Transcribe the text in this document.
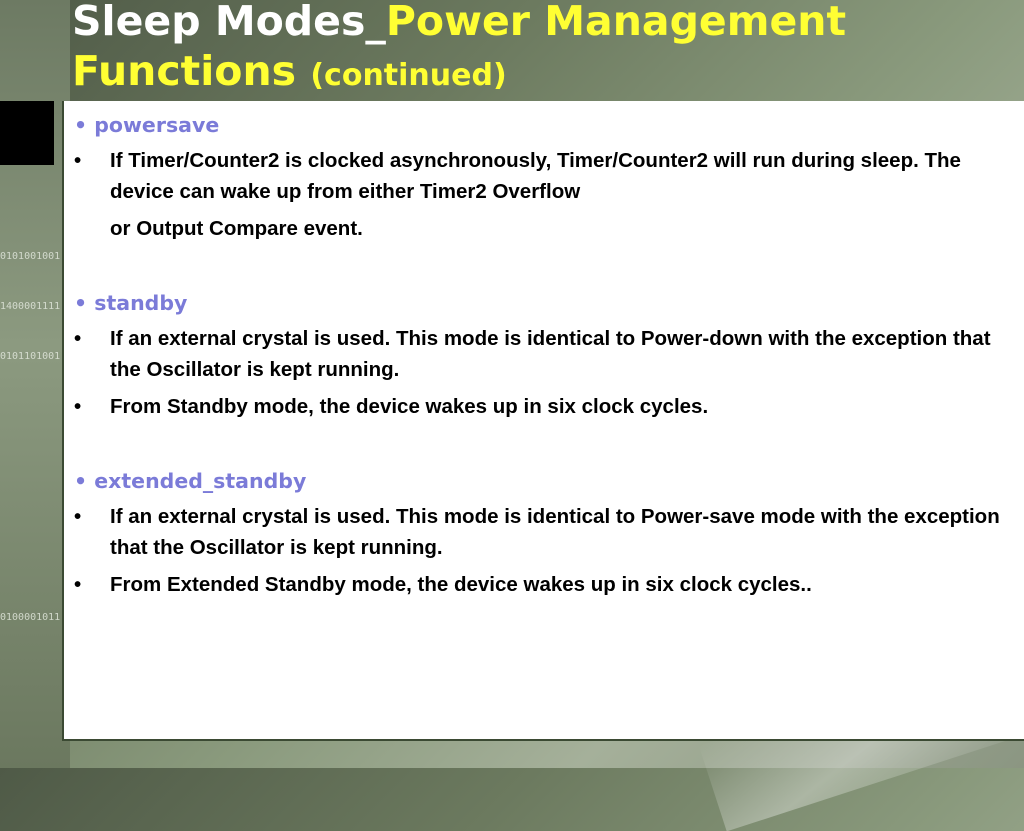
0101001001
1400001111
0101101001
0100001011
Sleep Modes_Power Management
Functions (continued)
• powersave
• If Timer/Counter2 is clocked asynchronously, Timer/Counter2 will run during sleep. The device can wake up from either Timer2 Overflow
or Output Compare event.
• standby
• If an external crystal is used. This mode is identical to Power-down with the exception that the Oscillator is kept running.
• From Standby mode, the device wakes up in six clock cycles.
• extended_standby
• If an external crystal is used. This mode is identical to Power-save mode with the exception that the Oscillator is kept running.
• From Extended Standby mode, the device wakes up in six clock cycles..
